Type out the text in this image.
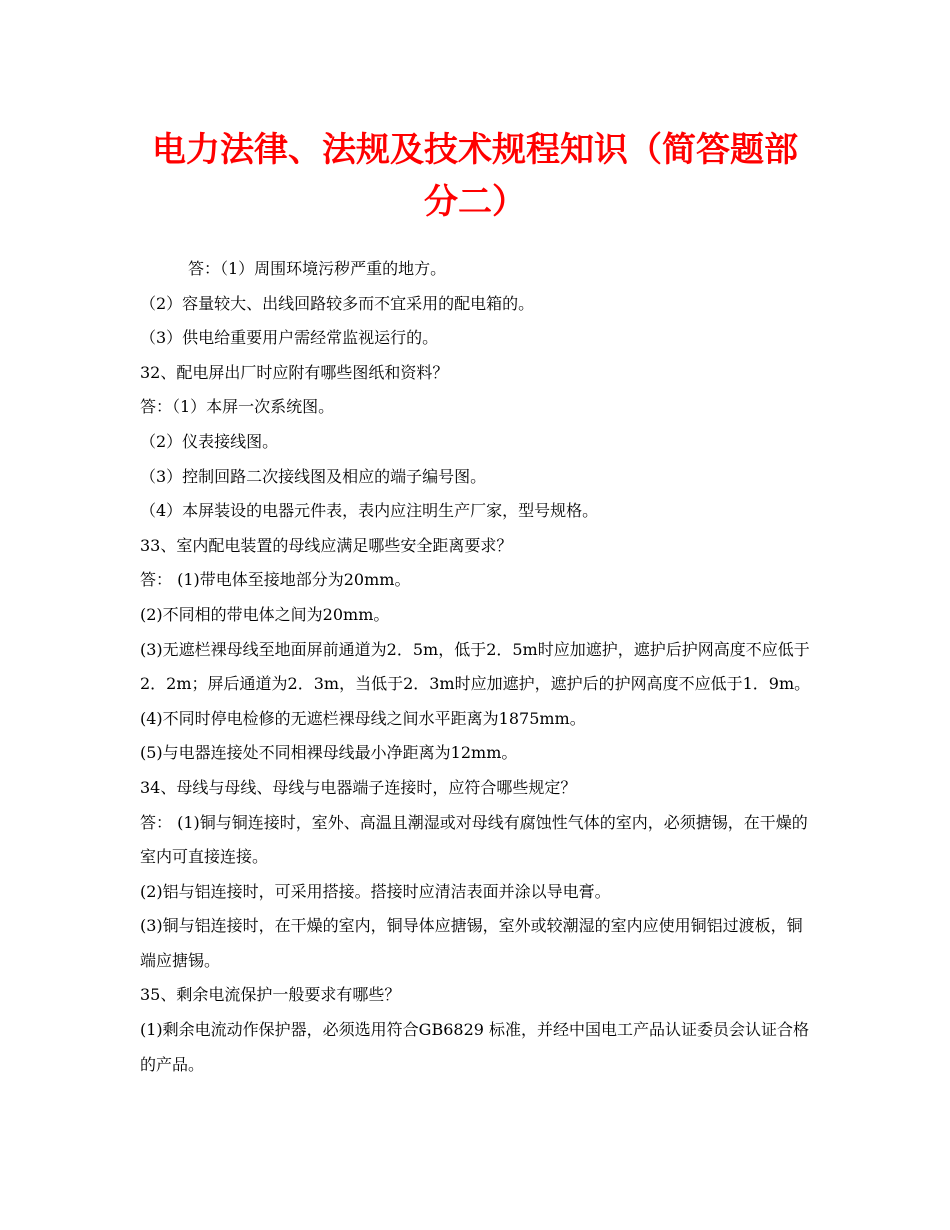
电力法律、法规及技术规程知识（简答题部
分二）

答：（1）周围环境污秽严重的地方。

（2）容量较大、出线回路较多而不宜采用的配电箱的。

（3）供电给重要用户需经常监视运行的。

32、配电屏出厂时应附有哪些图纸和资料？

答：（1）本屏一次系统图。

（2）仪表接线图。

（3）控制回路二次接线图及相应的端子编号图。

（4）本屏装设的电器元件表，表内应注明生产厂家，型号规格。

33、室内配电装置的母线应满足哪些安全距离要求？

答： (1)带电体至接地部分为20mm。

(2)不同相的带电体之间为20mm。

(3)无遮栏裸母线至地面屏前通道为2．5m，低于2．5m时应加遮护，遮护后护网高度不应低于2．2m；屏后通道为2．3m，当低于2．3m时应加遮护，遮护后的护网高度不应低于1．9m。

(4)不同时停电检修的无遮栏裸母线之间水平距离为1875mm。

(5)与电器连接处不同相裸母线最小净距离为12mm。

34、母线与母线、母线与电器端子连接时，应符合哪些规定？

答： (1)铜与铜连接时，室外、高温且潮湿或对母线有腐蚀性气体的室内，必须搪锡，在干燥的室内可直接连接。

(2)铝与铝连接时，可采用搭接。搭接时应清洁表面并涂以导电膏。

(3)铜与铝连接时，在干燥的室内，铜导体应搪锡，室外或较潮湿的室内应使用铜铝过渡板，铜端应搪锡。

35、剩余电流保护一般要求有哪些？

(1)剩余电流动作保护器，必须选用符合GB6829 标准，并经中国电工产品认证委员会认证合格的产品。
